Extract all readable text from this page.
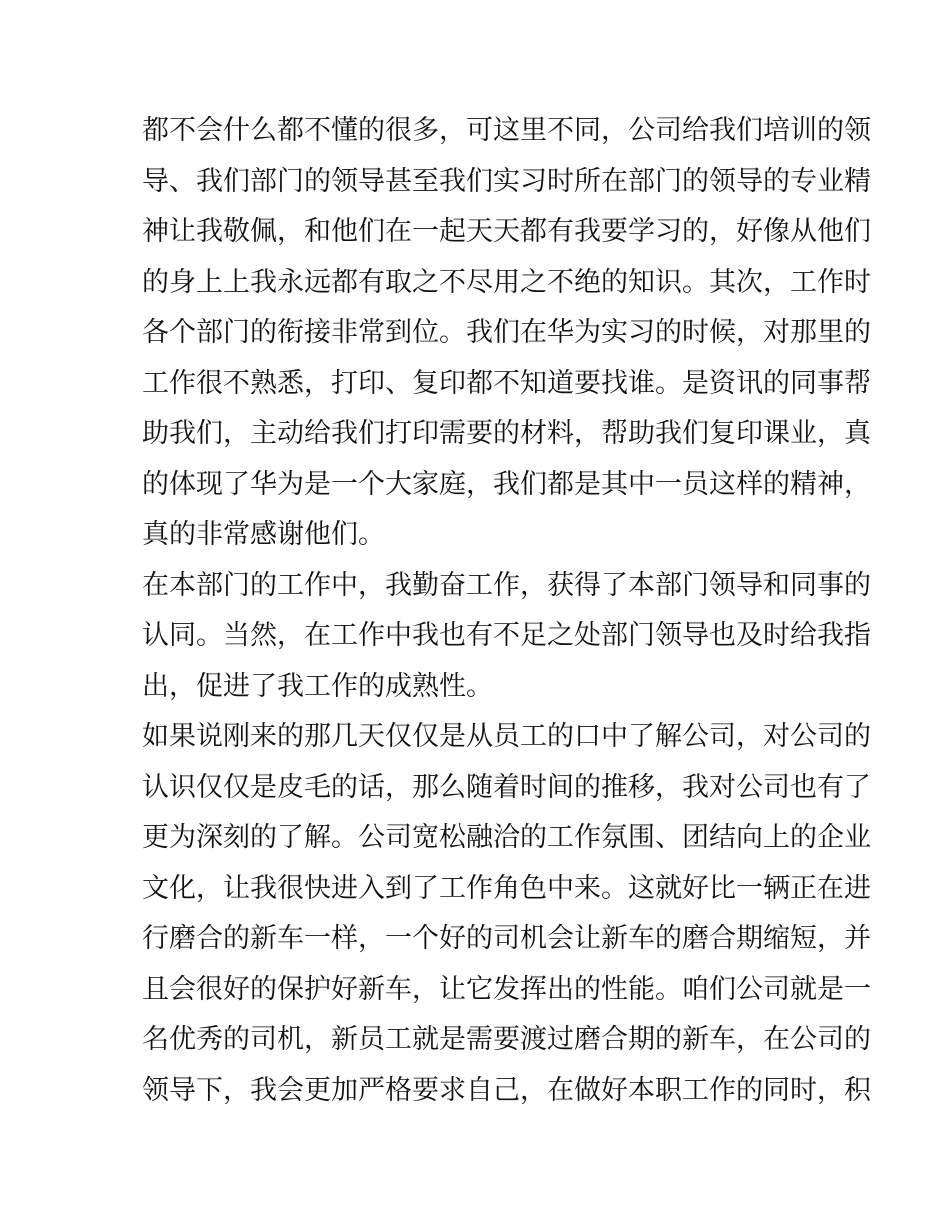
都不会什么都不懂的很多，可这里不同，公司给我们培训的领
导、我们部门的领导甚至我们实习时所在部门的领导的专业精
神让我敬佩，和他们在一起天天都有我要学习的，好像从他们
的身上上我永远都有取之不尽用之不绝的知识。其次，工作时
各个部门的衔接非常到位。我们在华为实习的时候，对那里的
工作很不熟悉，打印、复印都不知道要找谁。是资讯的同事帮
助我们，主动给我们打印需要的材料，帮助我们复印课业，真
的体现了华为是一个大家庭，我们都是其中一员这样的精神，
真的非常感谢他们。
在本部门的工作中，我勤奋工作，获得了本部门领导和同事的
认同。当然，在工作中我也有不足之处部门领导也及时给我指
出，促进了我工作的成熟性。
如果说刚来的那几天仅仅是从员工的口中了解公司，对公司的
认识仅仅是皮毛的话，那么随着时间的推移，我对公司也有了
更为深刻的了解。公司宽松融洽的工作氛围、团结向上的企业
文化，让我很快进入到了工作角色中来。这就好比一辆正在进
行磨合的新车一样，一个好的司机会让新车的磨合期缩短，并
且会很好的保护好新车，让它发挥出的性能。咱们公司就是一
名优秀的司机，新员工就是需要渡过磨合期的新车，在公司的
领导下，我会更加严格要求自己，在做好本职工作的同时，积
